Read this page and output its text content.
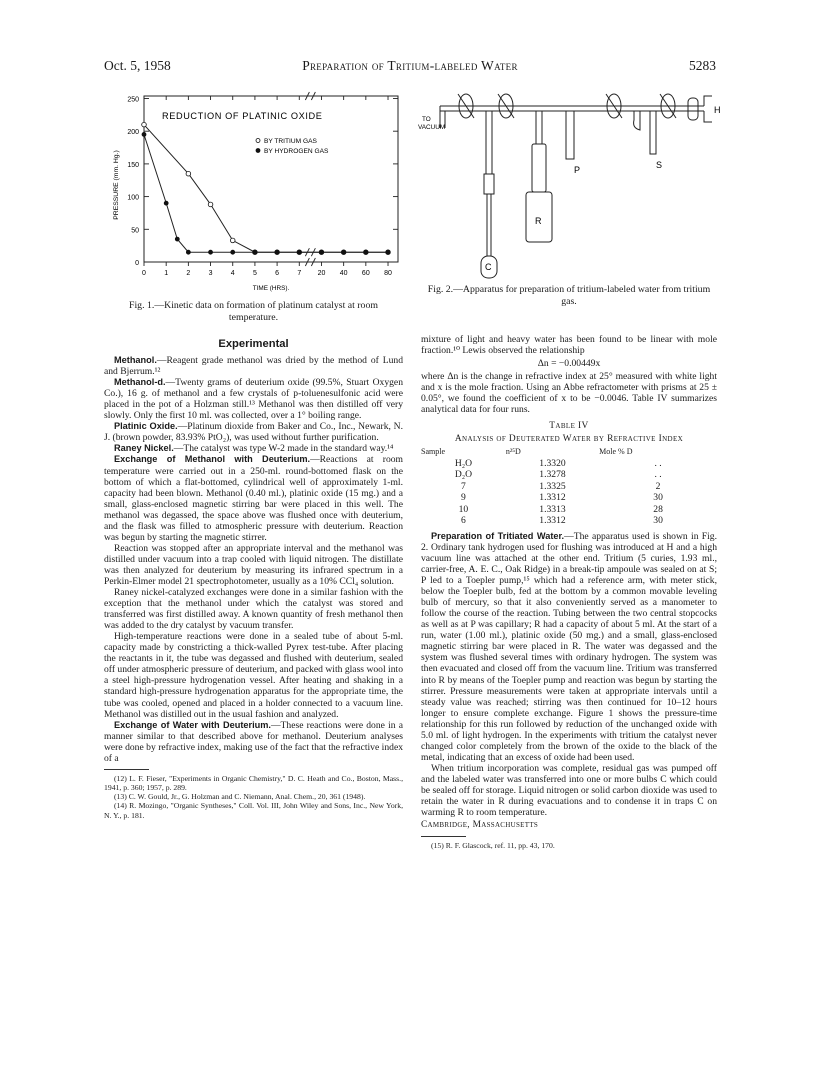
Oct. 5, 1958	Preparation of Tritium-labeled Water	5283
REDUCTION OF PLATINIC OXIDE
BY TRITIUM GAS
BY HYDROGEN GAS
0	1	2	3	4	5	6	7 20 40 60 80
0
50
100
150
200
250
TIME (HRS).
PRESSURE (mm. Hg.)
Fig. 1.—Kinetic data on formation of platinum catalyst at room temperature.
TO
VACUUM
H
S
P
R
C
Fig. 2.—Apparatus for preparation of tritium-labeled water from tritium gas.
Experimental

Methanol.—Reagent grade methanol was dried by the method of Lund and Bjerrum.¹²

Methanol-d.—Twenty grams of deuterium oxide (99.5%, Stuart Oxygen Co.), 16 g. of methanol and a few crystals of p-toluenesulfonic acid were placed in the pot of a Holzman still.¹³ Methanol was then distilled off very slowly. Only the first 10 ml. was collected, over a 1° boiling range.

Platinic Oxide.—Platinum dioxide from Baker and Co., Inc., Newark, N. J. (brown powder, 83.93% PtO₂), was used without further purification.

Raney Nickel.—The catalyst was type W-2 made in the standard way.¹⁴

Exchange of Methanol with Deuterium.—Reactions at room temperature were carried out in a 250-ml. round-bottomed flask on the bottom of which a flat-bottomed, cylindrical well of approximately 1-ml. capacity had been blown. Methanol (0.40 ml.), platinic oxide (15 mg.) and a small, glass-enclosed magnetic stirring bar were placed in this well. The methanol was degassed, the space above was flushed once with deuterium, and the flask was filled to atmospheric pressure with deuterium. Reaction was begun by starting the magnetic stirrer.

Reaction was stopped after an appropriate interval and the methanol was distilled under vacuum into a trap cooled with liquid nitrogen. The distillate was then analyzed for deuterium by measuring its infrared spectrum in a Perkin-Elmer model 21 spectrophotometer, usually as a 10% CCl₄ solution.

Raney nickel-catalyzed exchanges were done in a similar fashion with the exception that the methanol under which the catalyst was stored and transferred was first distilled away. A known quantity of fresh methanol then was added to the dry catalyst by vacuum transfer.

High-temperature reactions were done in a sealed tube of about 5-ml. capacity made by constricting a thick-walled Pyrex test-tube. After placing the reactants in it, the tube was degassed and flushed with deuterium, sealed off under atmospheric pressure of deuterium, and packed with glass wool into a steel high-pressure hydrogenation vessel. After heating and shaking in a standard high-pressure hydrogenation apparatus for the appropriate time, the tube was cooled, opened and placed in a holder connected to a vacuum line. Methanol was distilled out in the usual fashion and analyzed.

Exchange of Water with Deuterium.—These reactions were done in a manner similar to that described above for methanol. Deuterium analyses were done by refractive index, making use of the fact that the refractive index of a

(12) L. F. Fieser, "Experiments in Organic Chemistry," D. C. Heath and Co., Boston, Mass., 1941, p. 360; 1957, p. 289.

(13) C. W. Gould, Jr., G. Holzman and C. Niemann, Anal. Chem., 20, 361 (1948).

(14) R. Mozingo, "Organic Syntheses," Coll. Vol. III, John Wiley and Sons, Inc., New York, N. Y., p. 181.

mixture of light and heavy water has been found to be linear with mole fraction.¹⁰ Lewis observed the relationship

Δn = −0.00449x

where Δn is the change in refractive index at 25° measured with white light and x is the mole fraction. Using an Abbe refractometer with prisms at 25 ± 0.05°, we found the coefficient of x to be −0.0046. Table IV summarizes analytical data for four runs.

Table IV
Analysis of Deuterated Water by Refractive Index
Sample	n²⁵D	Mole % D
H₂O	1.3320	. .
D₂O	1.3278	. .
7	1.3325	2
9	1.3312	30
10	1.3313	28
6	1.3312	30

Preparation of Tritiated Water.—The apparatus used is shown in Fig. 2. Ordinary tank hydrogen used for flushing was introduced at H and a high vacuum line was attached at the other end. Tritium (5 curies, 1.93 ml., carrier-free, A. E. C., Oak Ridge) in a break-tip ampoule was sealed on at S; P led to a Toepler pump,¹⁵ which had a reference arm, with meter stick, below the Toepler bulb, fed at the bottom by a common movable leveling bulb of mercury, so that it also conveniently served as a manometer to follow the course of the reaction. Tubing between the two central stopcocks as well as at P was capillary; R had a capacity of about 5 ml. At the start of a run, water (1.00 ml.), platinic oxide (50 mg.) and a small, glass-enclosed magnetic stirring bar were placed in R. The water was degassed and the system was flushed several times with ordinary hydrogen. The system was then evacuated and closed off from the vacuum line. Tritium was transferred into R by means of the Toepler pump and reaction was begun by starting the stirrer. Pressure measurements were taken at appropriate intervals until a steady value was reached; stirring was then continued for 10–12 hours longer to ensure complete exchange. Figure 1 shows the pressure-time relationship for this run followed by reduction of the unchanged oxide with 5.0 ml. of light hydrogen. In the experiments with tritium the catalyst never changed color completely from the brown of the oxide to the black of the metal, indicating that an excess of oxide had been used.

When tritium incorporation was complete, residual gas was pumped off and the labeled water was transferred into one or more bulbs C which could be sealed off for storage. Liquid nitrogen or solid carbon dioxide was used to retain the water in R during evacuations and to condense it in traps C on warming R to room temperature.

Cambridge, Massachusetts

(15) R. F. Glascock, ref. 11, pp. 43, 170.
